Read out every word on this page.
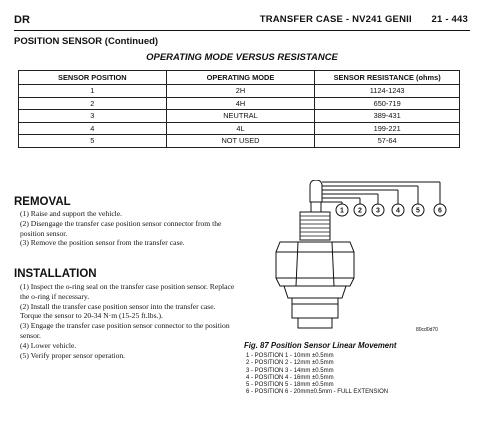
DR	TRANSFER CASE - NV241 GENII 21 - 443
POSITION SENSOR (Continued)
OPERATING MODE VERSUS RESISTANCE
SENSOR POSITION	OPERATING MODE	SENSOR RESISTANCE (ohms)
1	2H	1124-1243
2	4H	650-719
3	NEUTRAL	389-431
4	4L	199-221
5	NOT USED	57-64
REMOVAL

(1) Raise and support the vehicle.

(2) Disengage the transfer case position sensor connector from the position sensor.

(3) Remove the position sensor from the transfer case.

INSTALLATION

(1) Inspect the o-ring seal on the transfer case position sensor. Replace the o-ring if necessary.

(2) Install the transfer case position sensor into the transfer case. Torque the sensor to 20-34 N·m (15-25 ft.lbs.).

(3) Engage the transfer case position sensor connector to the position sensor.

(4) Lower vehicle.

(5) Verify proper sensor operation.

1 2 3 4 5	6
80cd0d70
Fig. 87 Position Sensor Linear Movement
1 - POSITION 1 - 10mm ±0.5mm
2 - POSITION 2 - 12mm ±0.5mm
3 - POSITION 3 - 14mm ±0.5mm
4 - POSITION 4 - 16mm ±0.5mm
5 - POSITION 5 - 18mm ±0.5mm
6 - POSITION 6 - 20mm±0.5mm - FULL EXTENSION
